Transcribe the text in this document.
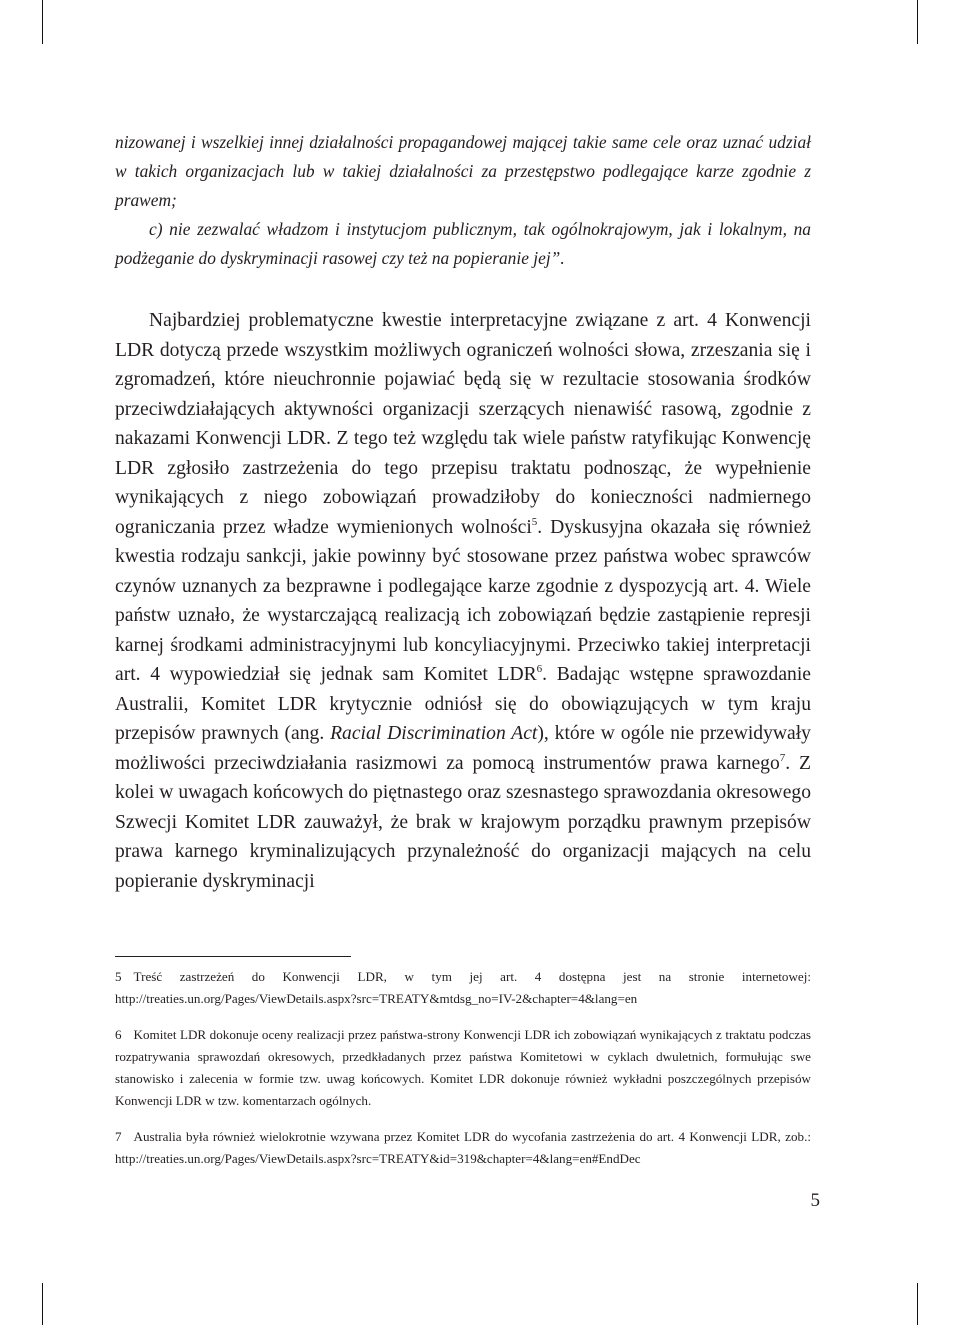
nizowanej i wszelkiej innej działalności propagandowej mającej takie same cele oraz uznać udział w takich organizacjach lub w takiej działalności za przestępstwo podlegające karze zgodnie z prawem;

c) nie zezwalać władzom i instytucjom publicznym, tak ogólnokrajowym, jak i lokalnym, na podżeganie do dyskryminacji rasowej czy też na popieranie jej”.

Najbardziej problematyczne kwestie interpretacyjne związane z art. 4 Konwencji LDR dotyczą przede wszystkim możliwych ograniczeń wolności słowa, zrzeszania się i zgromadzeń, które nieuchronnie pojawiać będą się w rezultacie stosowania środków przeciwdziałających aktywności organizacji szerzących nienawiść rasową, zgodnie z nakazami Konwencji LDR. Z tego też względu tak wiele państw ratyfikując Konwencję LDR zgłosiło zastrzeżenia do tego przepisu traktatu podnosząc, że wypełnienie wynikających z niego zobowiązań prowadziłoby do konieczności nadmiernego ograniczania przez władze wymienionych wolności$^5$. Dyskusyjna okazała się również kwestia rodzaju sankcji, jakie powinny być stosowane przez państwa wobec sprawców czynów uznanych za bezprawne i podlegające karze zgodnie z dyspozycją art. 4. Wiele państw uznało, że wystarczającą realizacją ich zobowiązań będzie zastąpienie represji karnej środkami administracyjnymi lub koncyliacyjnymi. Przeciwko takiej interpretacji art. 4 wypowiedział się jednak sam Komitet LDR$^6$. Badając wstępne sprawozdanie Australii, Komitet LDR krytycznie odniósł się do obowiązujących w tym kraju przepisów prawnych (ang. Racial Discrimination Act), które w ogóle nie przewidywały możliwości przeciwdziałania rasizmowi za pomocą instrumentów prawa karnego$^7$. Z kolei w uwagach końcowych do piętnastego oraz szesnastego sprawozdania okresowego Szwecji Komitet LDR zauważył, że brak w krajowym porządku prawnym przepisów prawa karnego kryminalizujących przynależność do organizacji mających na celu popieranie dyskryminacji

5 Treść zastrzeżeń do Konwencji LDR, w tym jej art. 4 dostępna jest na stronie internetowej: http://treaties.un.org/Pages/ViewDetails.aspx?src=TREATY&mtdsg_no=IV-2&chapter=4&lang=en

6 Komitet LDR dokonuje oceny realizacji przez państwa-strony Konwencji LDR ich zobowiązań wynikających z traktatu podczas rozpatrywania sprawozdań okresowych, przedkładanych przez państwa Komitetowi w cyklach dwuletnich, formułując swe stanowisko i zalecenia w formie tzw. uwag końcowych. Komitet LDR dokonuje również wykładni poszczególnych przepisów Konwencji LDR w tzw. komentarzach ogólnych.

7 Australia była również wielokrotnie wzywana przez Komitet LDR do wycofania zastrzeżenia do art. 4 Konwencji LDR, zob.: http://treaties.un.org/Pages/ViewDetails.aspx?src=TREATY&id=319&chapter=4&lang=en#EndDec

5
